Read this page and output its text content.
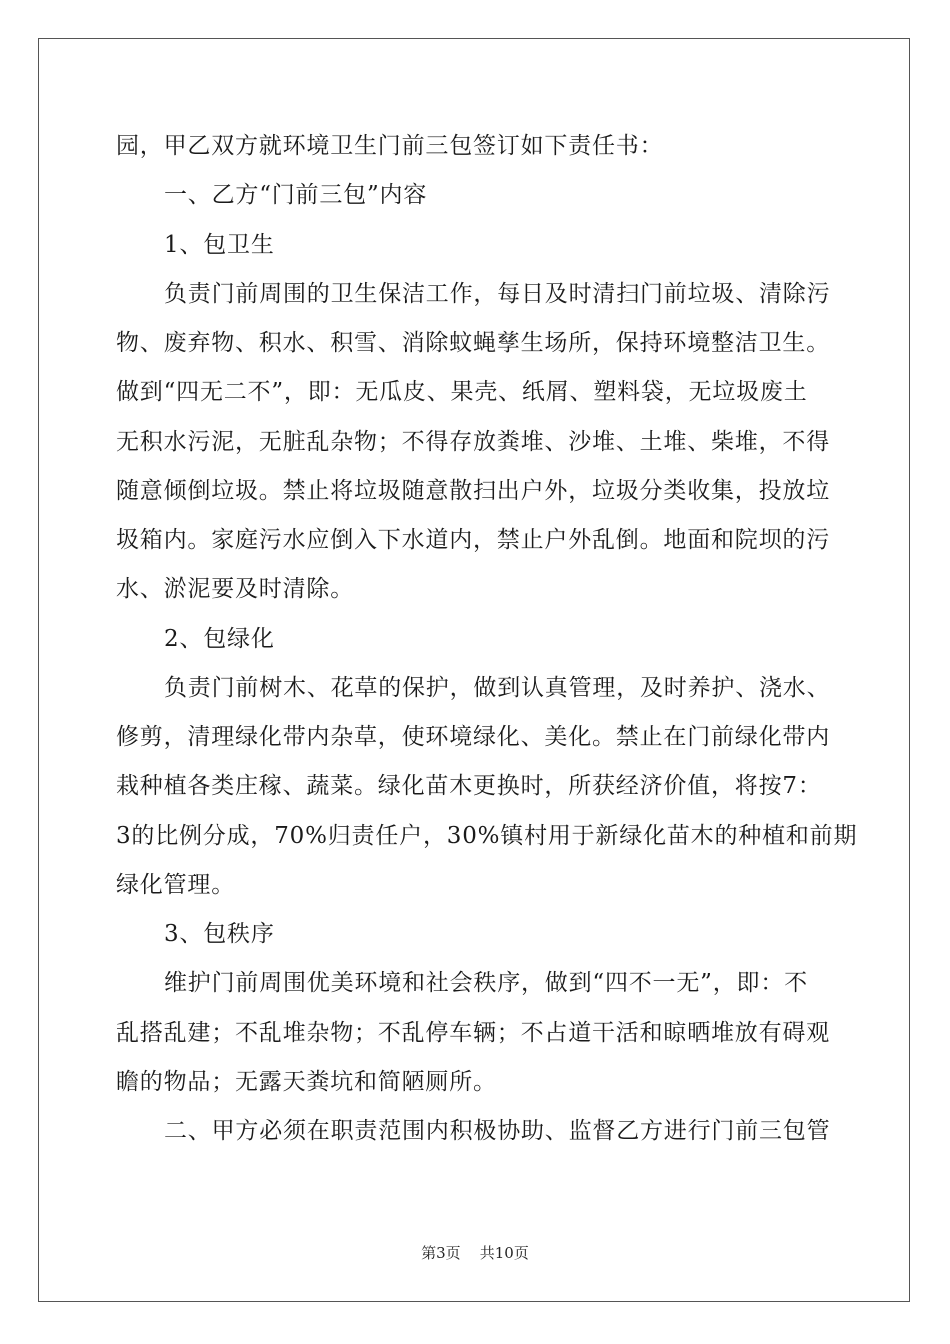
园，甲乙双方就环境卫生门前三包签订如下责任书：
一、乙方“门前三包”内容
1、包卫生
负责门前周围的卫生保洁工作，每日及时清扫门前垃圾、清除污
物、废弃物、积水、积雪、消除蚊蝇孳生场所，保持环境整洁卫生。
做到“四无二不”，即：无瓜皮、果壳、纸屑、塑料袋，无垃圾废土
无积水污泥，无脏乱杂物；不得存放粪堆、沙堆、土堆、柴堆，不得
随意倾倒垃圾。禁止将垃圾随意散扫出户外，垃圾分类收集，投放垃
圾箱内。家庭污水应倒入下水道内，禁止户外乱倒。地面和院坝的污
水、淤泥要及时清除。
2、包绿化
负责门前树木、花草的保护，做到认真管理，及时养护、浇水、
修剪，清理绿化带内杂草，使环境绿化、美化。禁止在门前绿化带内
栽种植各类庄稼、蔬菜。绿化苗木更换时，所获经济价值，将按7：
3的比例分成，70%归责任户，30%镇村用于新绿化苗木的种植和前期
绿化管理。
3、包秩序
维护门前周围优美环境和社会秩序，做到“四不一无”，即：不
乱搭乱建；不乱堆杂物；不乱停车辆；不占道干活和晾晒堆放有碍观
瞻的物品；无露天粪坑和简陋厕所。
二、甲方必须在职责范围内积极协助、监督乙方进行门前三包管
第3页 共10页
